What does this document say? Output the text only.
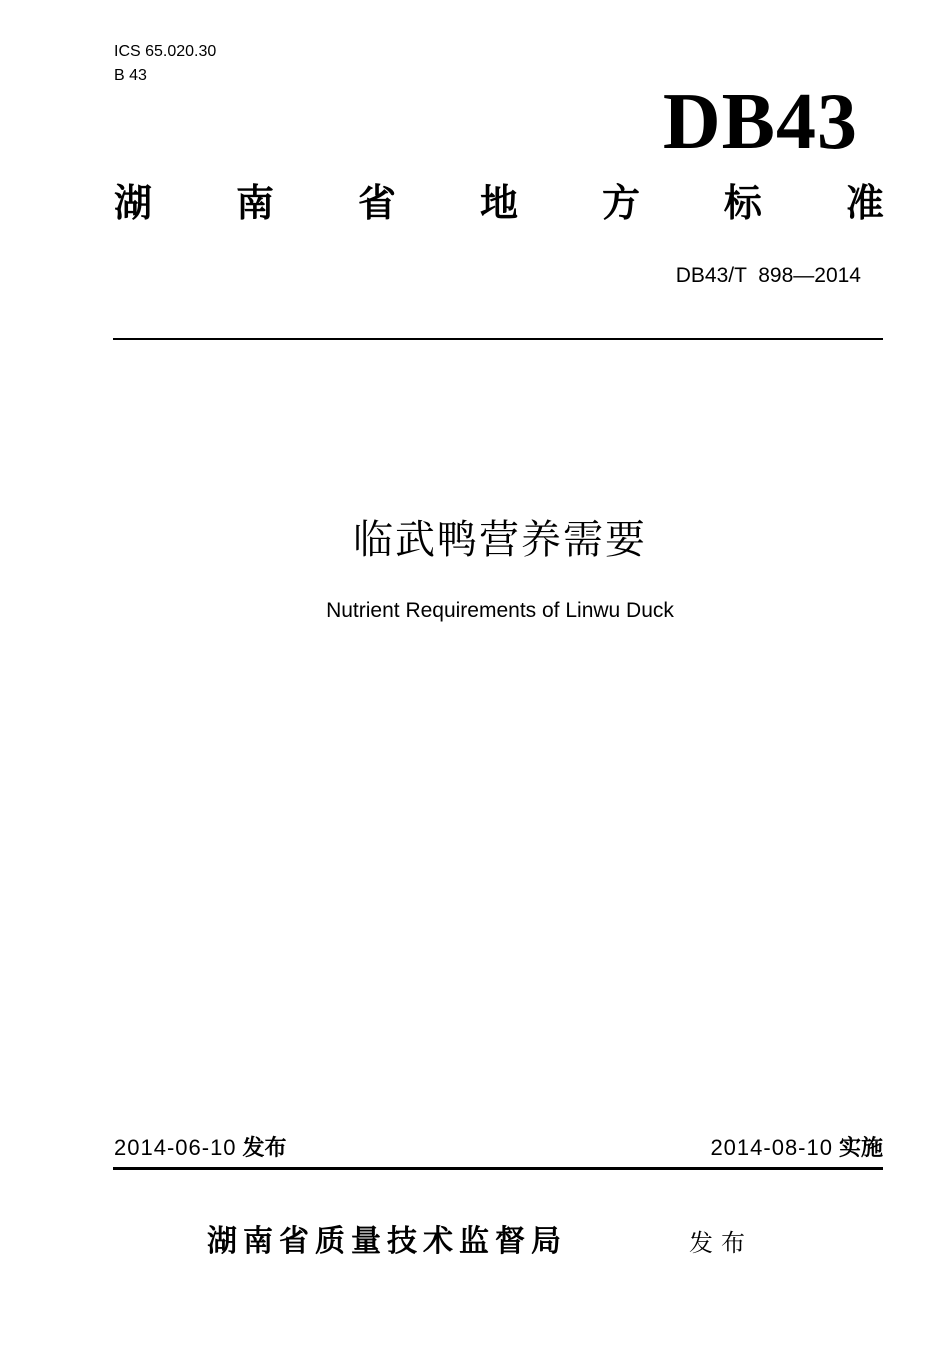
ICS 65.020.30
B 43
DB43
湖 南 省 地 方 标 准
DB43/T  898—2014
临武鸭营养需要
Nutrient Requirements of Linwu Duck
2014-06-10 发布	2014-08-10 实施
湖南省质量技术监督局	发布
